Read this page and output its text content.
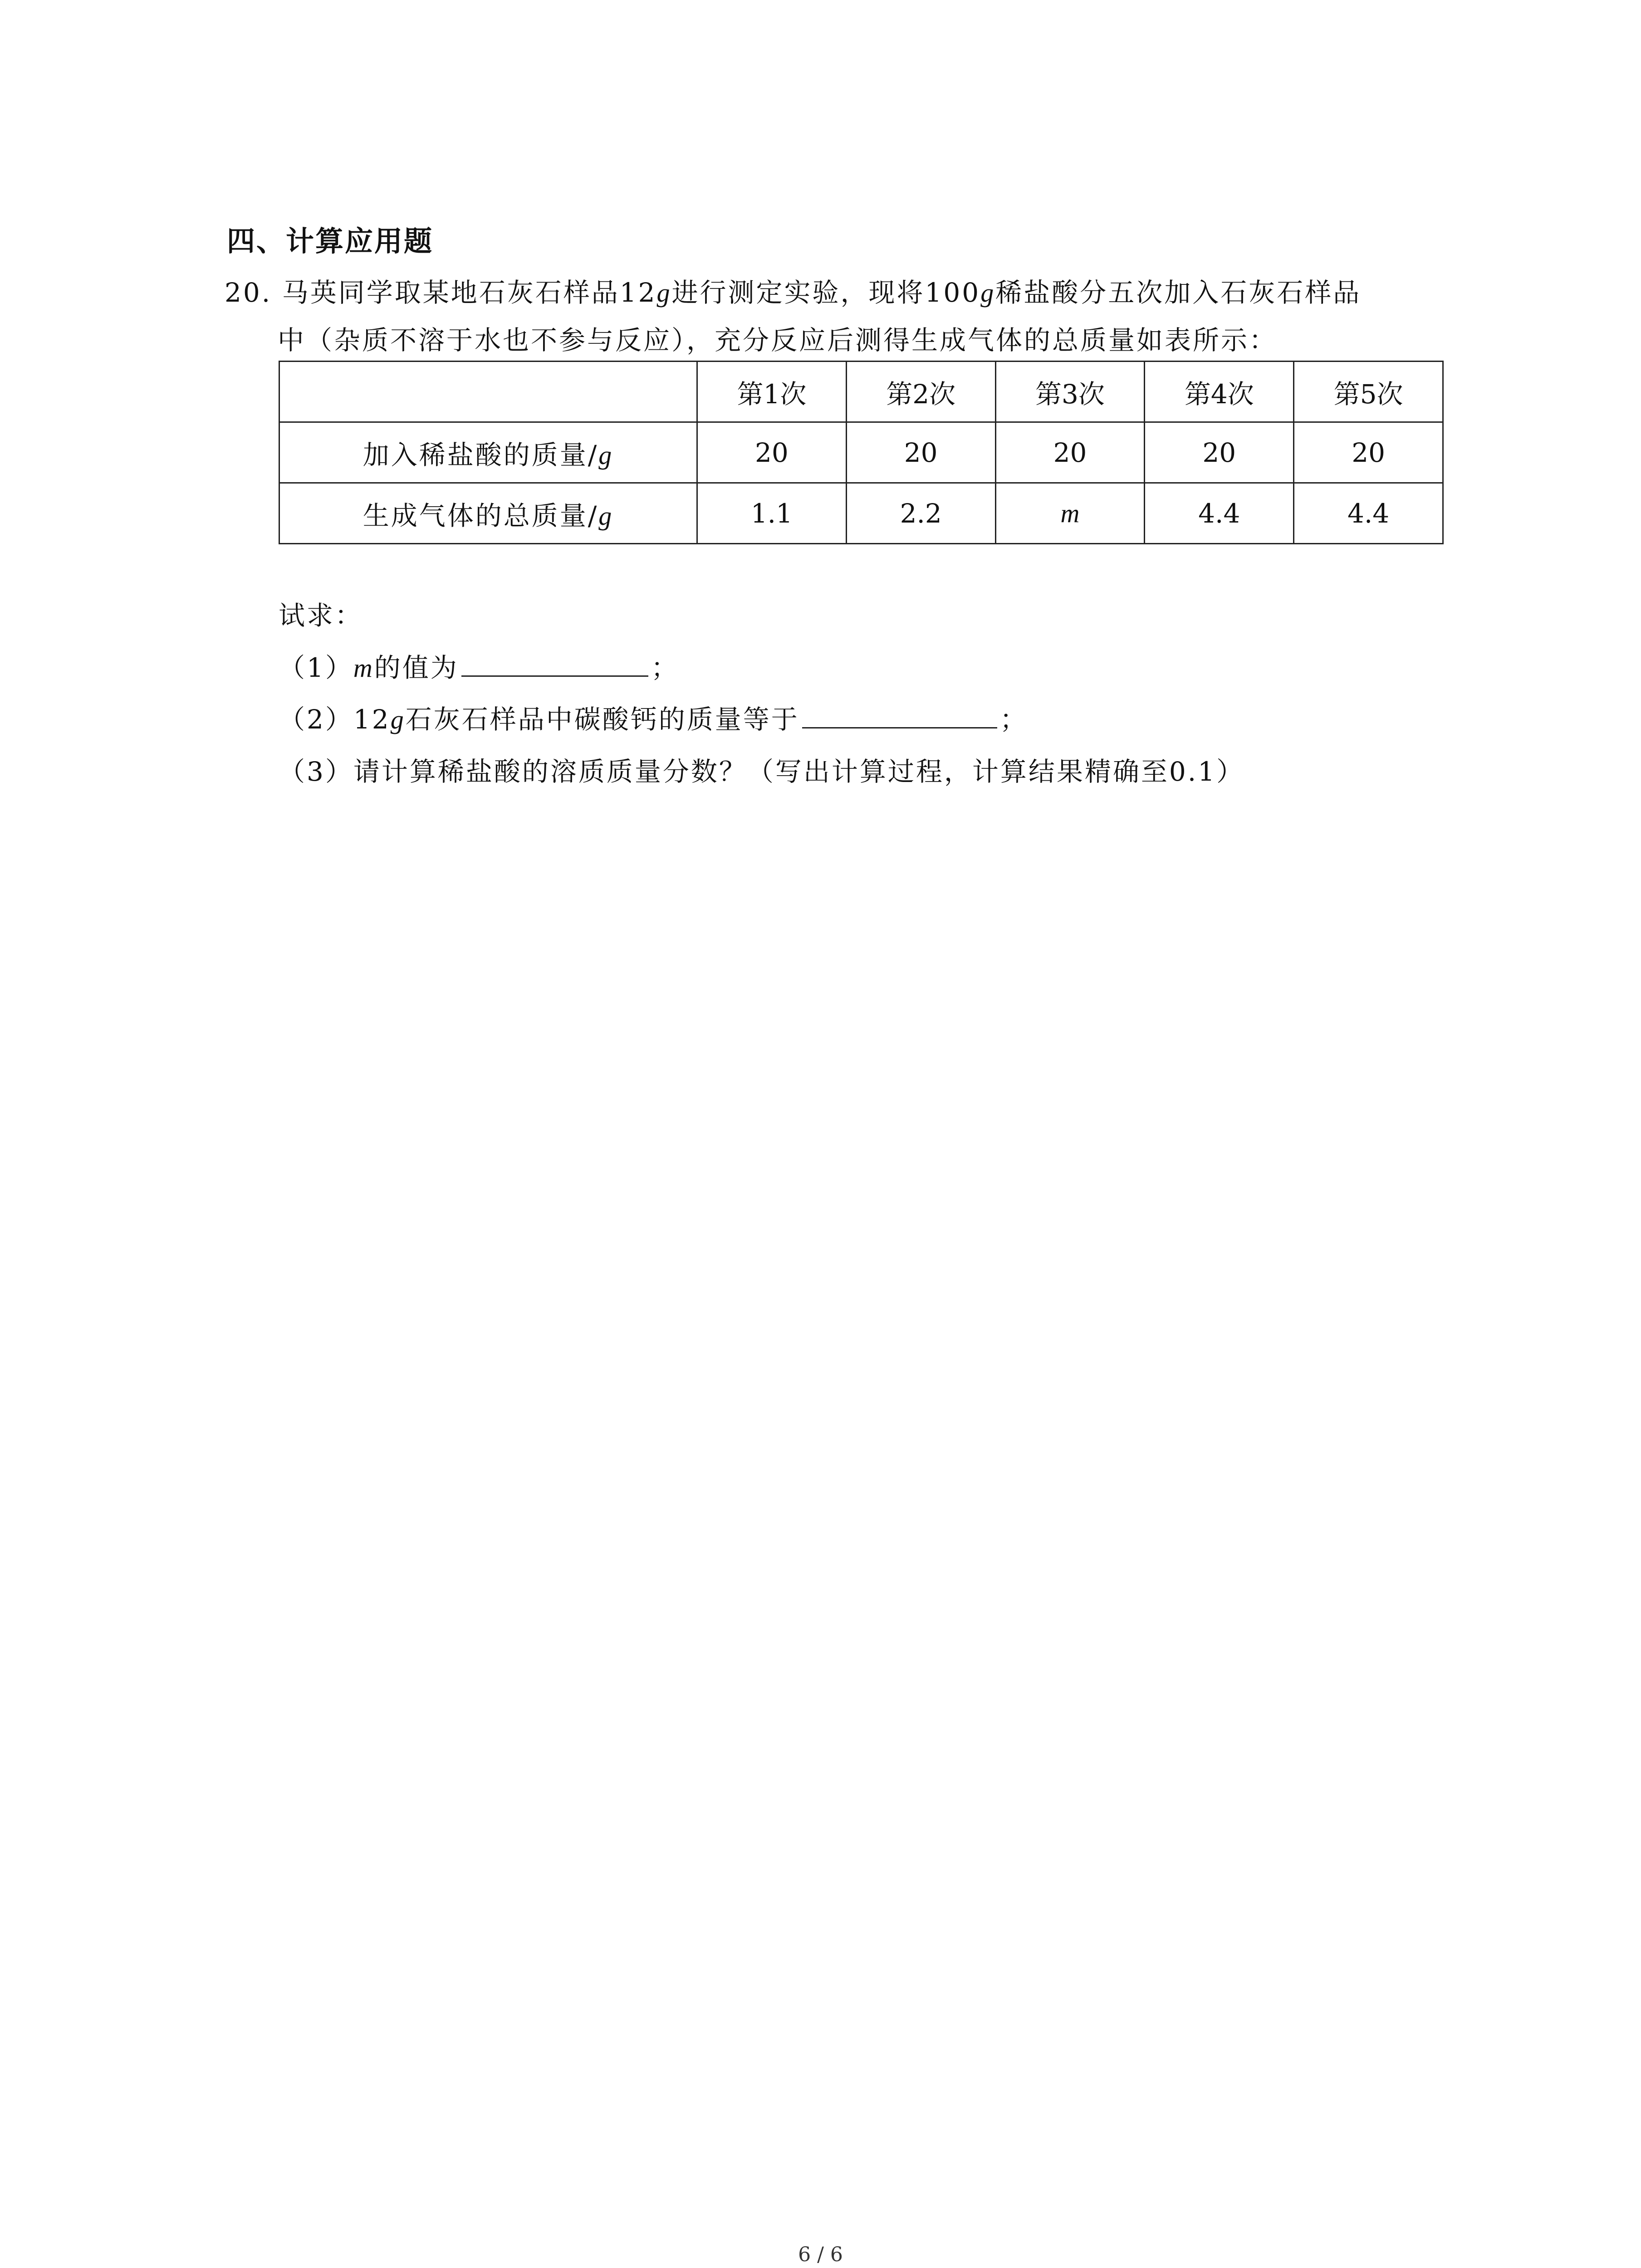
四、计算应用题
20. 马英同学取某地石灰石样品12g进行测定实验，现将100g稀盐酸分五次加入石灰石样品
中（杂质不溶于水也不参与反应），充分反应后测得生成气体的总质量如表所示：
	第1次	第2次	第3次	第4次	第5次
加入稀盐酸的质量/g	20	20	20	20	20
生成气体的总质量/g	1.1	2.2	m	4.4	4.4
试求：
（1）m的值为	；
（2）12g石灰石样品中碳酸钙的质量等于	；
（3）请计算稀盐酸的溶质质量分数？（写出计算过程，计算结果精确至0.1）
6 / 6
